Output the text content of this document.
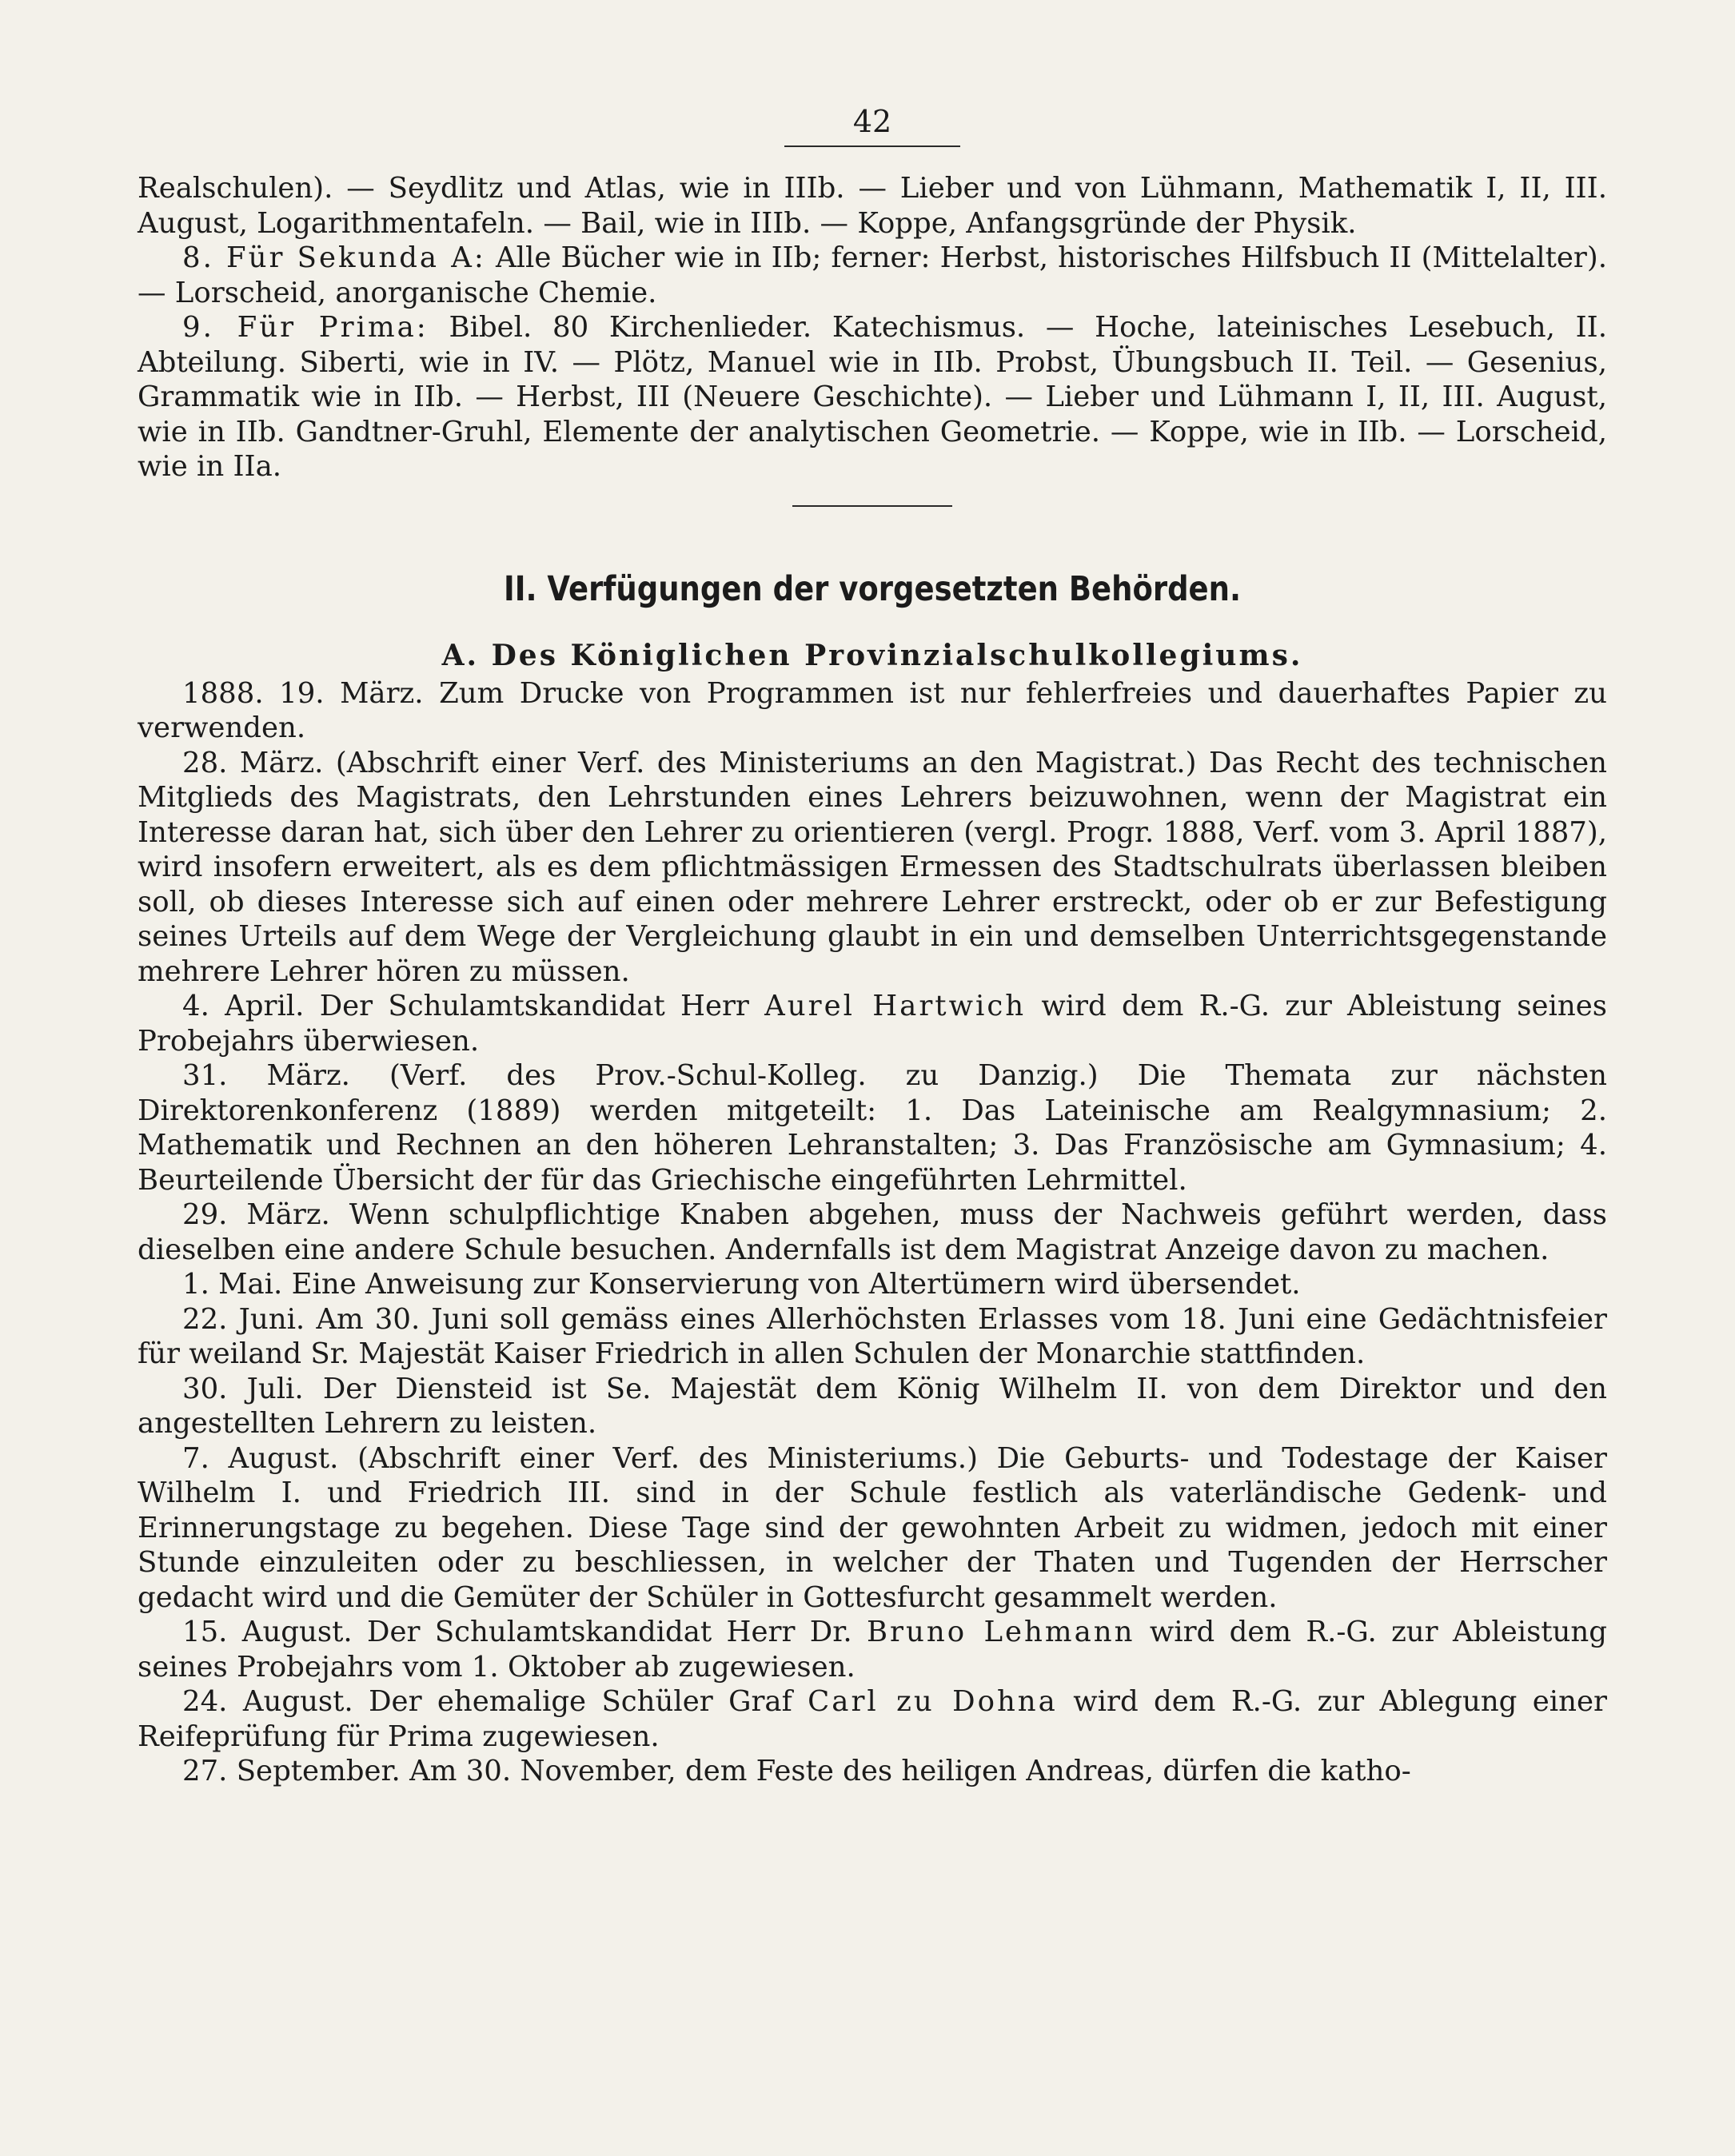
42

Realschulen). — Seydlitz und Atlas, wie in IIIb. — Lieber und von Lühmann, Mathematik I, II, III. August, Logarithmentafeln. — Bail, wie in IIIb. — Koppe, Anfangsgründe der Physik.

8. Für Sekunda A: Alle Bücher wie in IIb; ferner: Herbst, historisches Hilfsbuch II (Mittelalter). — Lorscheid, anorganische Chemie.

9. Für Prima: Bibel. 80 Kirchenlieder. Katechismus. — Hoche, lateinisches Lesebuch, II. Abteilung. Siberti, wie in IV. — Plötz, Manuel wie in IIb. Probst, Übungsbuch II. Teil. — Gesenius, Grammatik wie in IIb. — Herbst, III (Neuere Geschichte). — Lieber und Lühmann I, II, III. August, wie in IIb. Gandtner-Gruhl, Elemente der analytischen Geometrie. — Koppe, wie in IIb. — Lorscheid, wie in IIa.

II. Verfügungen der vorgesetzten Behörden.
A. Des Königlichen Provinzialschulkollegiums.

1888. 19. März. Zum Drucke von Programmen ist nur fehlerfreies und dauerhaftes Papier zu verwenden.

28. März. (Abschrift einer Verf. des Ministeriums an den Magistrat.) Das Recht des technischen Mitglieds des Magistrats, den Lehrstunden eines Lehrers beizuwohnen, wenn der Magistrat ein Interesse daran hat, sich über den Lehrer zu orientieren (vergl. Progr. 1888, Verf. vom 3. April 1887), wird insofern erweitert, als es dem pflichtmässigen Ermessen des Stadtschulrats überlassen bleiben soll, ob dieses Interesse sich auf einen oder mehrere Lehrer erstreckt, oder ob er zur Befestigung seines Urteils auf dem Wege der Vergleichung glaubt in ein und demselben Unterrichtsgegenstande mehrere Lehrer hören zu müssen.

4. April. Der Schulamtskandidat Herr Aurel Hartwich wird dem R.-G. zur Ableistung seines Probejahrs überwiesen.

31. März. (Verf. des Prov.-Schul-Kolleg. zu Danzig.) Die Themata zur nächsten Direktorenkonferenz (1889) werden mitgeteilt: 1. Das Lateinische am Realgymnasium; 2. Mathematik und Rechnen an den höheren Lehranstalten; 3. Das Französische am Gymnasium; 4. Beurteilende Übersicht der für das Griechische eingeführten Lehrmittel.

29. März. Wenn schulpflichtige Knaben abgehen, muss der Nachweis geführt werden, dass dieselben eine andere Schule besuchen. Andernfalls ist dem Magistrat Anzeige davon zu machen.

1. Mai. Eine Anweisung zur Konservierung von Altertümern wird übersendet.

22. Juni. Am 30. Juni soll gemäss eines Allerhöchsten Erlasses vom 18. Juni eine Gedächtnisfeier für weiland Sr. Majestät Kaiser Friedrich in allen Schulen der Monarchie stattfinden.

30. Juli. Der Diensteid ist Se. Majestät dem König Wilhelm II. von dem Direktor und den angestellten Lehrern zu leisten.

7. August. (Abschrift einer Verf. des Ministeriums.) Die Geburts- und Todestage der Kaiser Wilhelm I. und Friedrich III. sind in der Schule festlich als vaterländische Gedenk- und Erinnerungstage zu begehen. Diese Tage sind der gewohnten Arbeit zu widmen, jedoch mit einer Stunde einzuleiten oder zu beschliessen, in welcher der Thaten und Tugenden der Herrscher gedacht wird und die Gemüter der Schüler in Gottesfurcht gesammelt werden.

15. August. Der Schulamtskandidat Herr Dr. Bruno Lehmann wird dem R.-G. zur Ableistung seines Probejahrs vom 1. Oktober ab zugewiesen.

24. August. Der ehemalige Schüler Graf Carl zu Dohna wird dem R.-G. zur Ablegung einer Reifeprüfung für Prima zugewiesen.

27. September. Am 30. November, dem Feste des heiligen Andreas, dürfen die katho-
